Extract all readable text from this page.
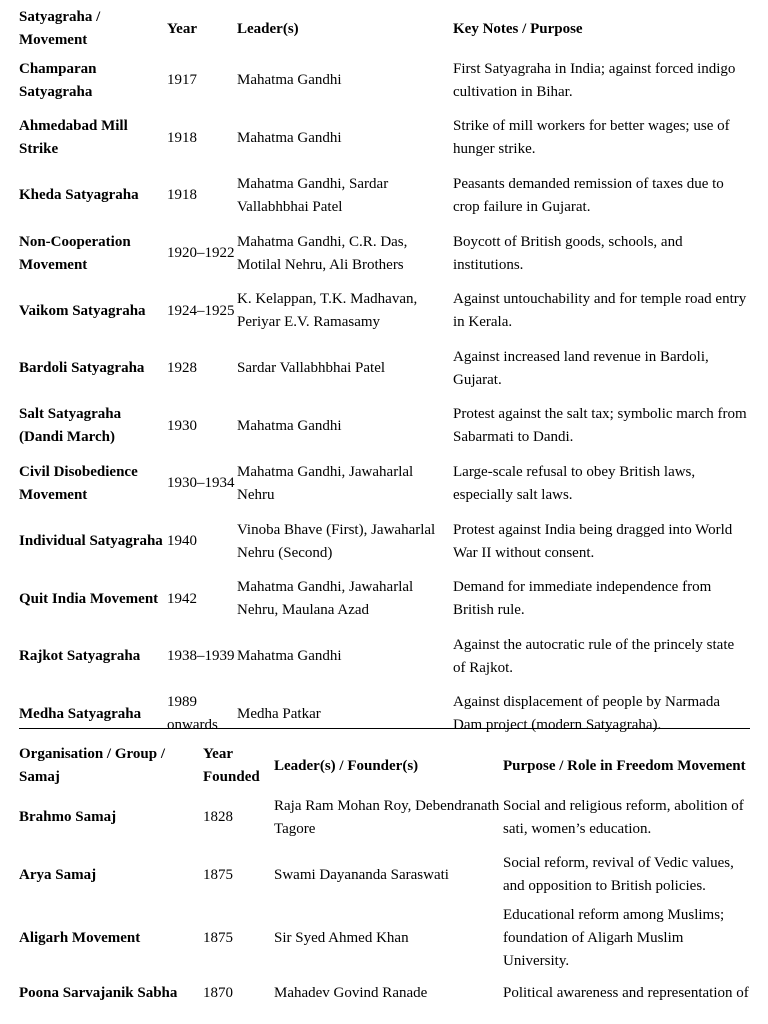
Satyagraha / Movement	Year	Leader(s)	Key Notes / Purpose
Champaran Satyagraha	1917	Mahatma Gandhi	First Satyagraha in India; against forced indigo cultivation in Bihar.
Ahmedabad Mill Strike	1918	Mahatma Gandhi	Strike of mill workers for better wages; use of hunger strike.
Kheda Satyagraha	1918	Mahatma Gandhi, Sardar Vallabhbhai Patel	Peasants demanded remission of taxes due to crop failure in Gujarat.
Non-Cooperation Movement	1920–1922	Mahatma Gandhi, C.R. Das, Motilal Nehru, Ali Brothers	Boycott of British goods, schools, and institutions.
Vaikom Satyagraha	1924–1925	K. Kelappan, T.K. Madhavan, Periyar E.V. Ramasamy	Against untouchability and for temple road entry in Kerala.
Bardoli Satyagraha	1928	Sardar Vallabhbhai Patel	Against increased land revenue in Bardoli, Gujarat.
Salt Satyagraha (Dandi March)	1930	Mahatma Gandhi	Protest against the salt tax; symbolic march from Sabarmati to Dandi.
Civil Disobedience Movement	1930–1934	Mahatma Gandhi, Jawaharlal Nehru	Large-scale refusal to obey British laws, especially salt laws.
Individual Satyagraha	1940	Vinoba Bhave (First), Jawaharlal Nehru (Second)	Protest against India being dragged into World War II without consent.
Quit India Movement	1942	Mahatma Gandhi, Jawaharlal Nehru, Maulana Azad	Demand for immediate independence from British rule.
Rajkot Satyagraha	1938–1939	Mahatma Gandhi	Against the autocratic rule of the princely state of Rajkot.
Medha Satyagraha	1989 onwards	Medha Patkar	Against displacement of people by Narmada Dam project (modern Satyagraha).
Organisation / Group / Samaj	Year Founded	Leader(s) / Founder(s)	Purpose / Role in Freedom Movement
Brahmo Samaj	1828	Raja Ram Mohan Roy, Debendranath Tagore	Social and religious reform, abolition of sati, women’s education.
Arya Samaj	1875	Swami Dayananda Saraswati	Social reform, revival of Vedic values, and opposition to British policies.
Aligarh Movement	1875	Sir Syed Ahmed Khan	Educational reform among Muslims; foundation of Aligarh Muslim University.
Poona Sarvajanik Sabha	1870	Mahadev Govind Ranade	Political awareness and representation of
